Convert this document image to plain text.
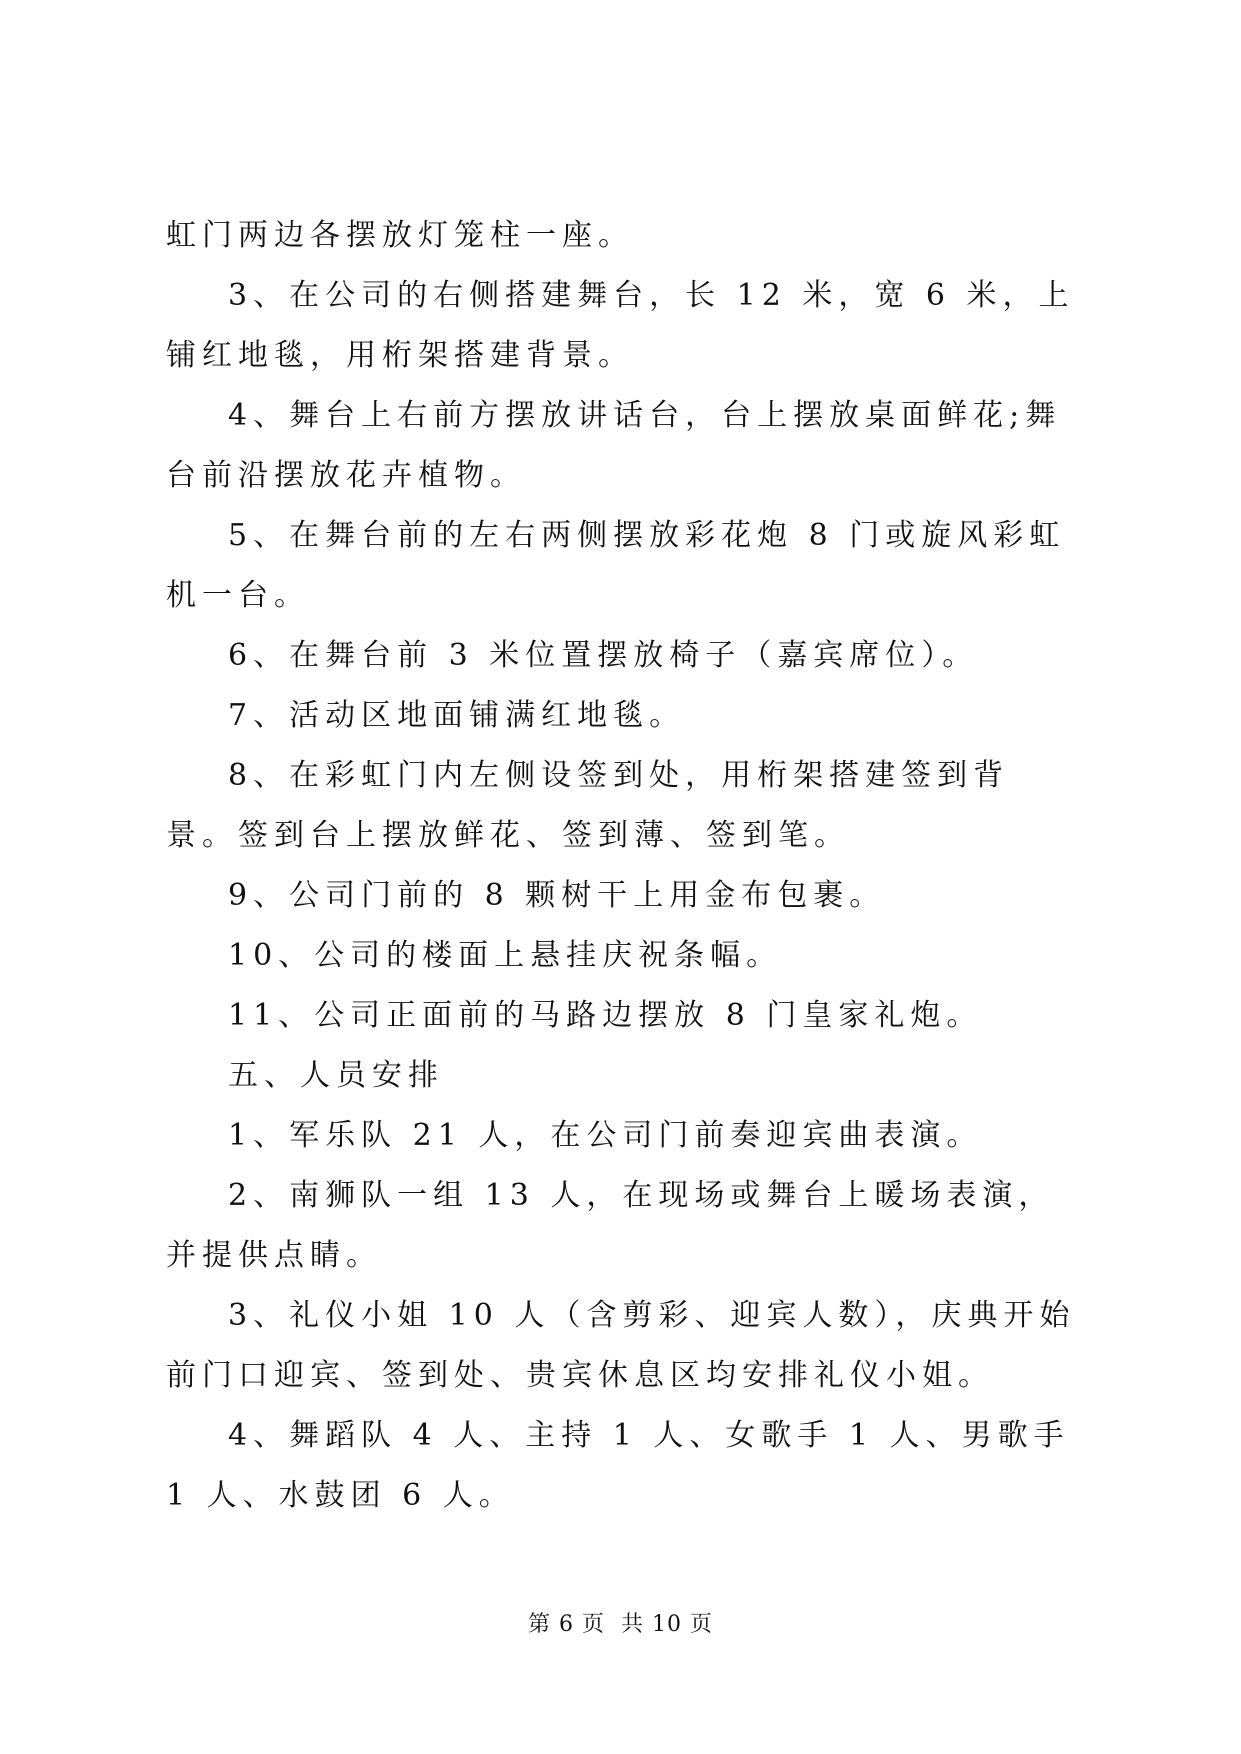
虹门两边各摆放灯笼柱一座。

3、在公司的右侧搭建舞台，长 12 米，宽 6 米，上铺红地毯，用桁架搭建背景。

4、舞台上右前方摆放讲话台，台上摆放桌面鲜花;舞台前沿摆放花卉植物。

5、在舞台前的左右两侧摆放彩花炮 8 门或旋风彩虹机一台。

6、在舞台前 3 米位置摆放椅子（嘉宾席位）。

7、活动区地面铺满红地毯。

8、在彩虹门内左侧设签到处，用桁架搭建签到背景。签到台上摆放鲜花、签到薄、签到笔。

9、公司门前的 8 颗树干上用金布包裹。

10、公司的楼面上悬挂庆祝条幅。

11、公司正面前的马路边摆放 8 门皇家礼炮。

五、人员安排

1、军乐队 21 人，在公司门前奏迎宾曲表演。

2、南狮队一组 13 人，在现场或舞台上暖场表演，并提供点睛。

3、礼仪小姐 10 人（含剪彩、迎宾人数），庆典开始前门口迎宾、签到处、贵宾休息区均安排礼仪小姐。

4、舞蹈队 4 人、主持 1 人、女歌手 1 人、男歌手 1 人、水鼓团 6 人。

第 6 页 共 10 页
